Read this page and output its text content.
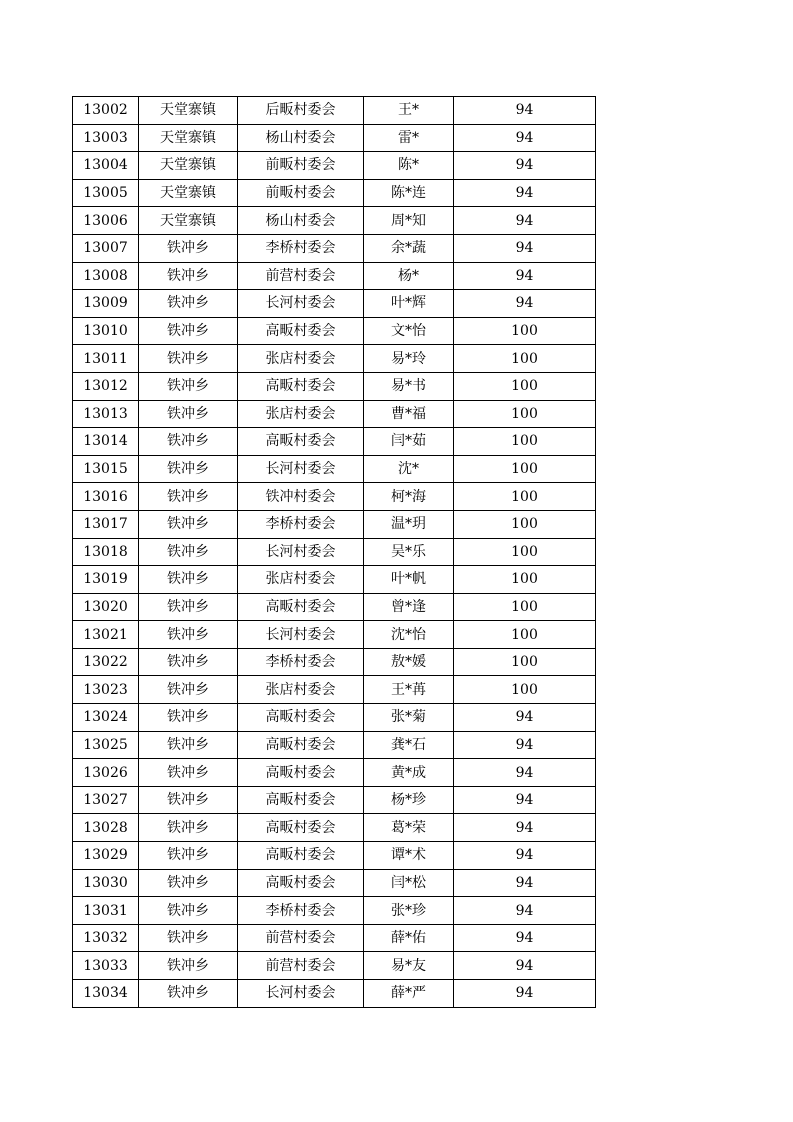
13002	天堂寨镇	后畈村委会	王*	94
13003	天堂寨镇	杨山村委会	雷*	94
13004	天堂寨镇	前畈村委会	陈*	94
13005	天堂寨镇	前畈村委会	陈*连	94
13006	天堂寨镇	杨山村委会	周*知	94
13007	铁冲乡	李桥村委会	余*蔬	94
13008	铁冲乡	前营村委会	杨*	94
13009	铁冲乡	长河村委会	叶*辉	94
13010	铁冲乡	高畈村委会	文*怡	100
13011	铁冲乡	张店村委会	易*玲	100
13012	铁冲乡	高畈村委会	易*书	100
13013	铁冲乡	张店村委会	曹*福	100
13014	铁冲乡	高畈村委会	闫*茹	100
13015	铁冲乡	长河村委会	沈*	100
13016	铁冲乡	铁冲村委会	柯*海	100
13017	铁冲乡	李桥村委会	温*玥	100
13018	铁冲乡	长河村委会	吴*乐	100
13019	铁冲乡	张店村委会	叶*帆	100
13020	铁冲乡	高畈村委会	曾*逢	100
13021	铁冲乡	长河村委会	沈*怡	100
13022	铁冲乡	李桥村委会	敖*媛	100
13023	铁冲乡	张店村委会	王*苒	100
13024	铁冲乡	高畈村委会	张*菊	94
13025	铁冲乡	高畈村委会	龚*石	94
13026	铁冲乡	高畈村委会	黄*成	94
13027	铁冲乡	高畈村委会	杨*珍	94
13028	铁冲乡	高畈村委会	葛*荣	94
13029	铁冲乡	高畈村委会	谭*术	94
13030	铁冲乡	高畈村委会	闫*松	94
13031	铁冲乡	李桥村委会	张*珍	94
13032	铁冲乡	前营村委会	薛*佑	94
13033	铁冲乡	前营村委会	易*友	94
13034	铁冲乡	长河村委会	薛*严	94
